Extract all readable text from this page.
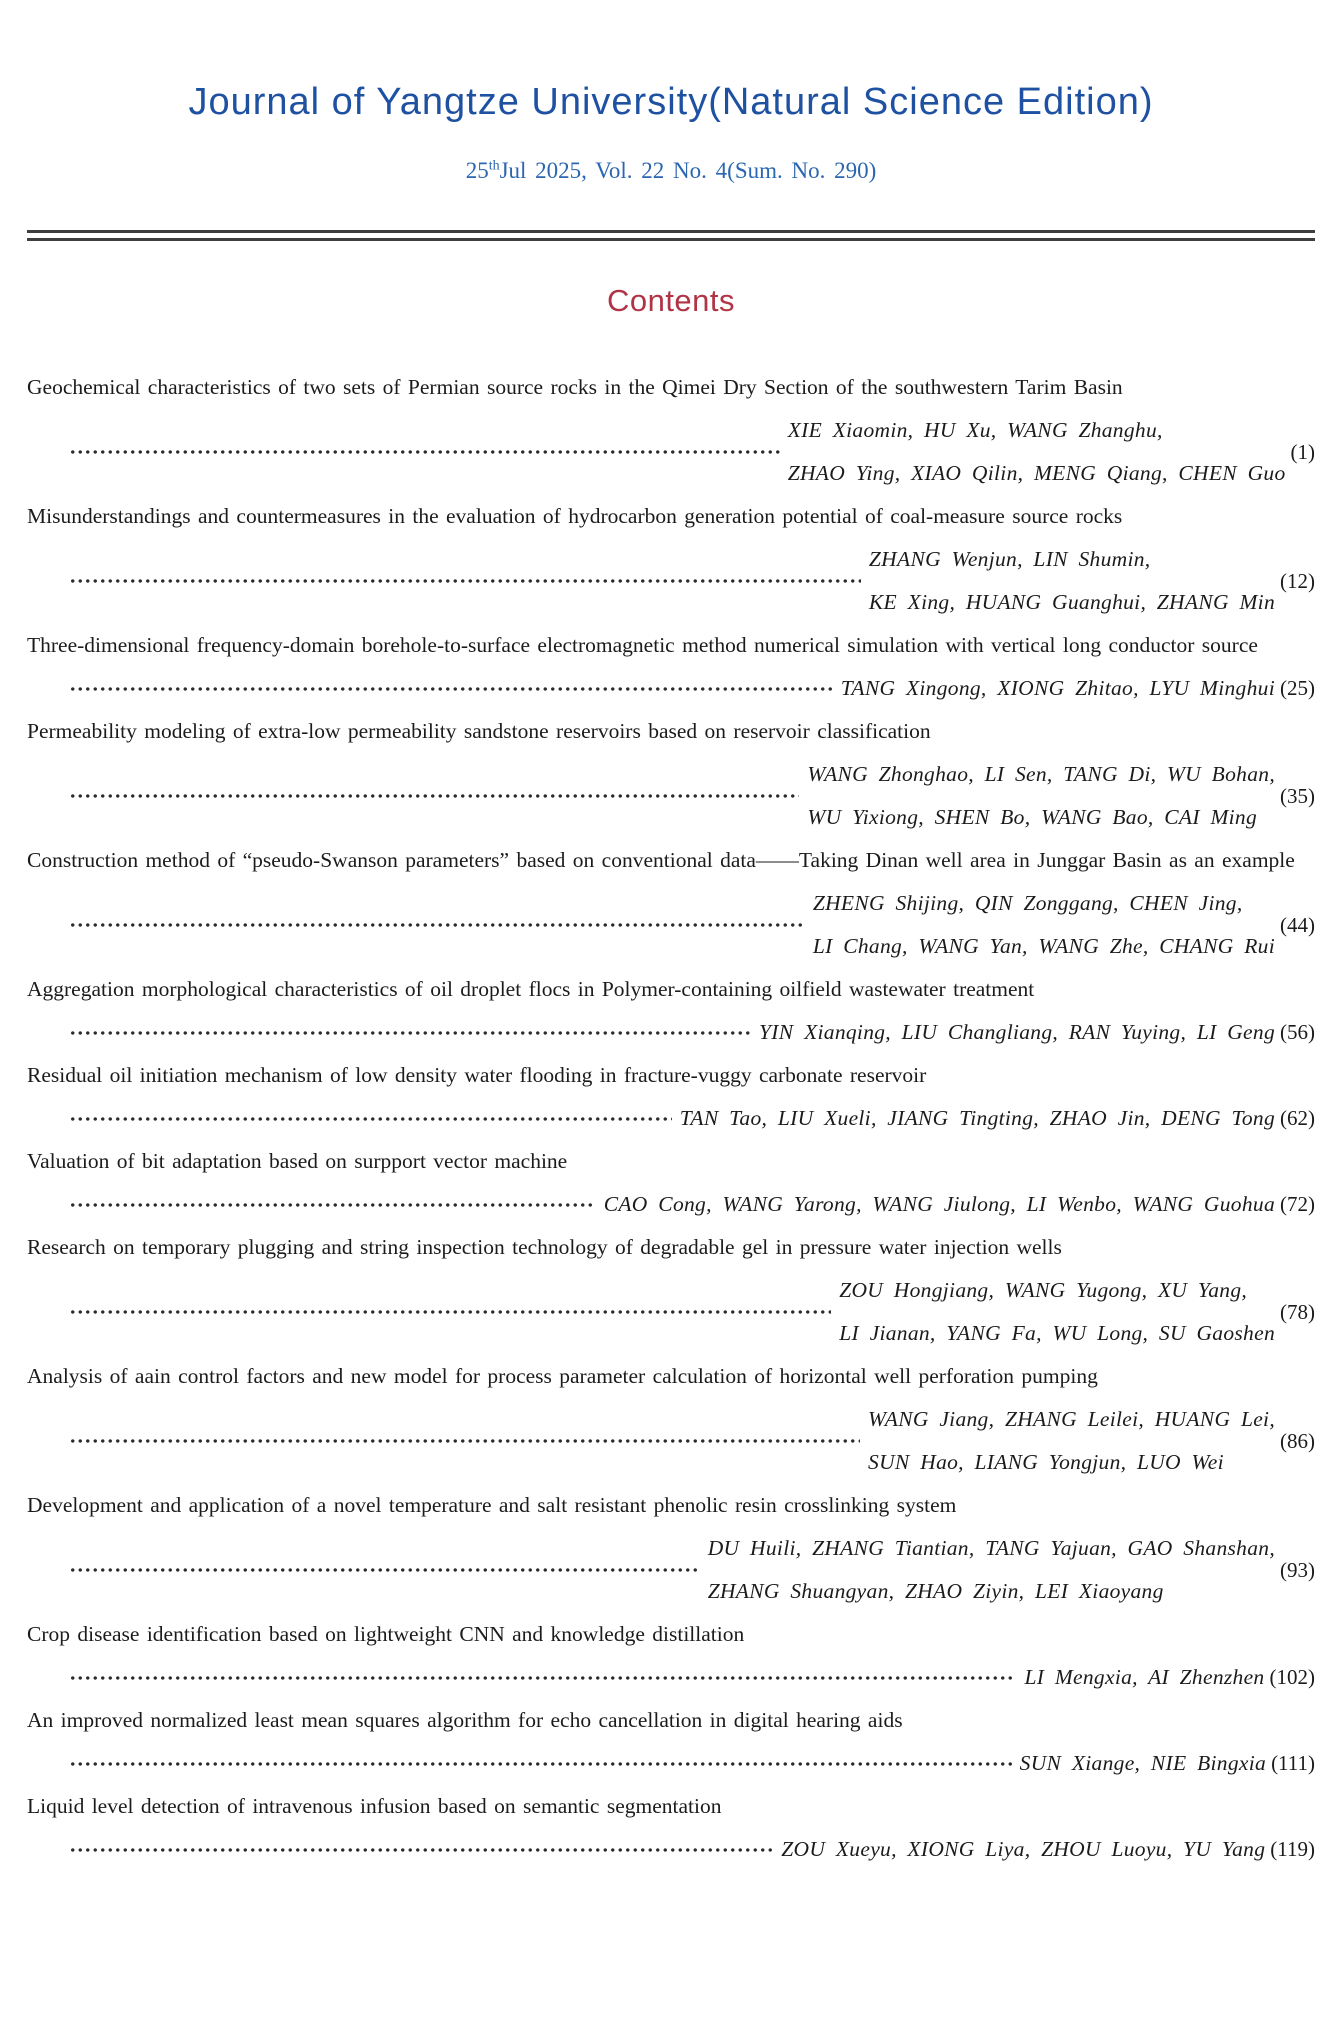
Journal of Yangtze University(Natural Science Edition)
25thJul 2025, Vol. 22 No. 4(Sum. No. 290)
Contents
Geochemical characteristics of two sets of Permian source rocks in the Qimei Dry Section of the southwestern Tarim Basin
XIE Xiaomin, HU Xu, WANG Zhanghu,
ZHAO Ying, XIAO Qilin, MENG Qiang, CHEN Guo
(1)
Misunderstandings and countermeasures in the evaluation of hydrocarbon generation potential of coal-measure source rocks
ZHANG Wenjun, LIN Shumin,
KE Xing, HUANG Guanghui, ZHANG Min
(12)
Three-dimensional frequency-domain borehole-to-surface electromagnetic method numerical simulation with vertical long conductor source
TANG Xingong, XIONG Zhitao, LYU Minghui (25)
Permeability modeling of extra-low permeability sandstone reservoirs based on reservoir classification
WANG Zhonghao, LI Sen, TANG Di, WU Bohan,
WU Yixiong, SHEN Bo, WANG Bao, CAI Ming
(35)
Construction method of “pseudo-Swanson parameters” based on conventional data——Taking Dinan well area in Junggar Basin as an example
ZHENG Shijing, QIN Zonggang, CHEN Jing,
LI Chang, WANG Yan, WANG Zhe, CHANG Rui
(44)
Aggregation morphological characteristics of oil droplet flocs in Polymer-containing oilfield wastewater treatment
YIN Xianqing, LIU Changliang, RAN Yuying, LI Geng (56)
Residual oil initiation mechanism of low density water flooding in fracture-vuggy carbonate reservoir
TAN Tao, LIU Xueli, JIANG Tingting, ZHAO Jin, DENG Tong (62)
Valuation of bit adaptation based on surpport vector machine
CAO Cong, WANG Yarong, WANG Jiulong, LI Wenbo, WANG Guohua (72)
Research on temporary plugging and string inspection technology of degradable gel in pressure water injection wells
ZOU Hongjiang, WANG Yugong, XU Yang,
LI Jianan, YANG Fa, WU Long, SU Gaoshen
(78)
Analysis of aain control factors and new model for process parameter calculation of horizontal well perforation pumping
WANG Jiang, ZHANG Leilei, HUANG Lei,
SUN Hao, LIANG Yongjun, LUO Wei
(86)
Development and application of a novel temperature and salt resistant phenolic resin crosslinking system
DU Huili, ZHANG Tiantian, TANG Yajuan, GAO Shanshan,
ZHANG Shuangyan, ZHAO Ziyin, LEI Xiaoyang
(93)
Crop disease identification based on lightweight CNN and knowledge distillation
LI Mengxia, AI Zhenzhen (102)
An improved normalized least mean squares algorithm for echo cancellation in digital hearing aids
SUN Xiange, NIE Bingxia (111)
Liquid level detection of intravenous infusion based on semantic segmentation
ZOU Xueyu, XIONG Liya, ZHOU Luoyu, YU Yang (119)
